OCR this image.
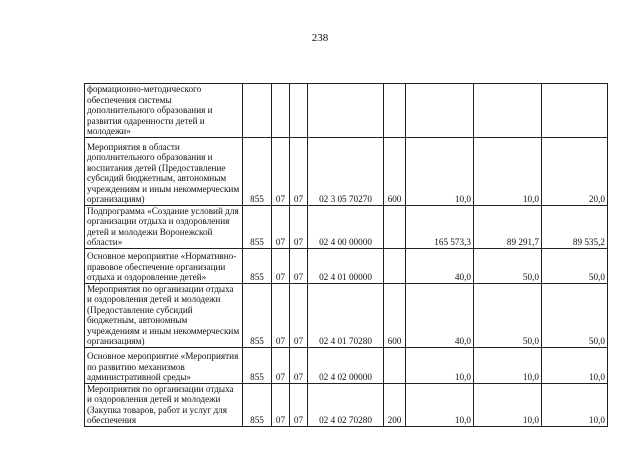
238
формационно-методического обеспечения системы дополнительного образования и развития одаренности детей и молодежи»								
Мероприятия в области дополнительного образования и воспитания детей (Предоставление субсидий бюджетным, автономным учреждениям и иным некоммерческим организациям)	855	07	07	02 3 05 70270	600	10,0	10,0	20,0
Подпрограмма «Создание условий для организации отдыха и оздоровления детей и молодежи Воронежской области»	855	07	07	02 4 00 00000		165 573,3	89 291,7	89 535,2
Основное мероприятие «Нормативно-правовое обеспечение организации отдыха и оздоровление детей»	855	07	07	02 4 01 00000		40,0	50,0	50,0
Мероприятия по организации отдыха и оздоровления детей и молодежи (Предоставление субсидий бюджетным, автономным учреждениям и иным некоммерческим организациям)	855	07	07	02 4 01 70280	600	40,0	50,0	50,0
Основное мероприятие «Мероприятия по развитию механизмов административной среды»	855	07	07	02 4 02 00000		10,0	10,0	10,0
Мероприятия по организации отдыха и оздоровления детей и молодежи (Закупка товаров, работ и услуг для обеспечения	855	07	07	02 4 02 70280	200	10,0	10,0	10,0
